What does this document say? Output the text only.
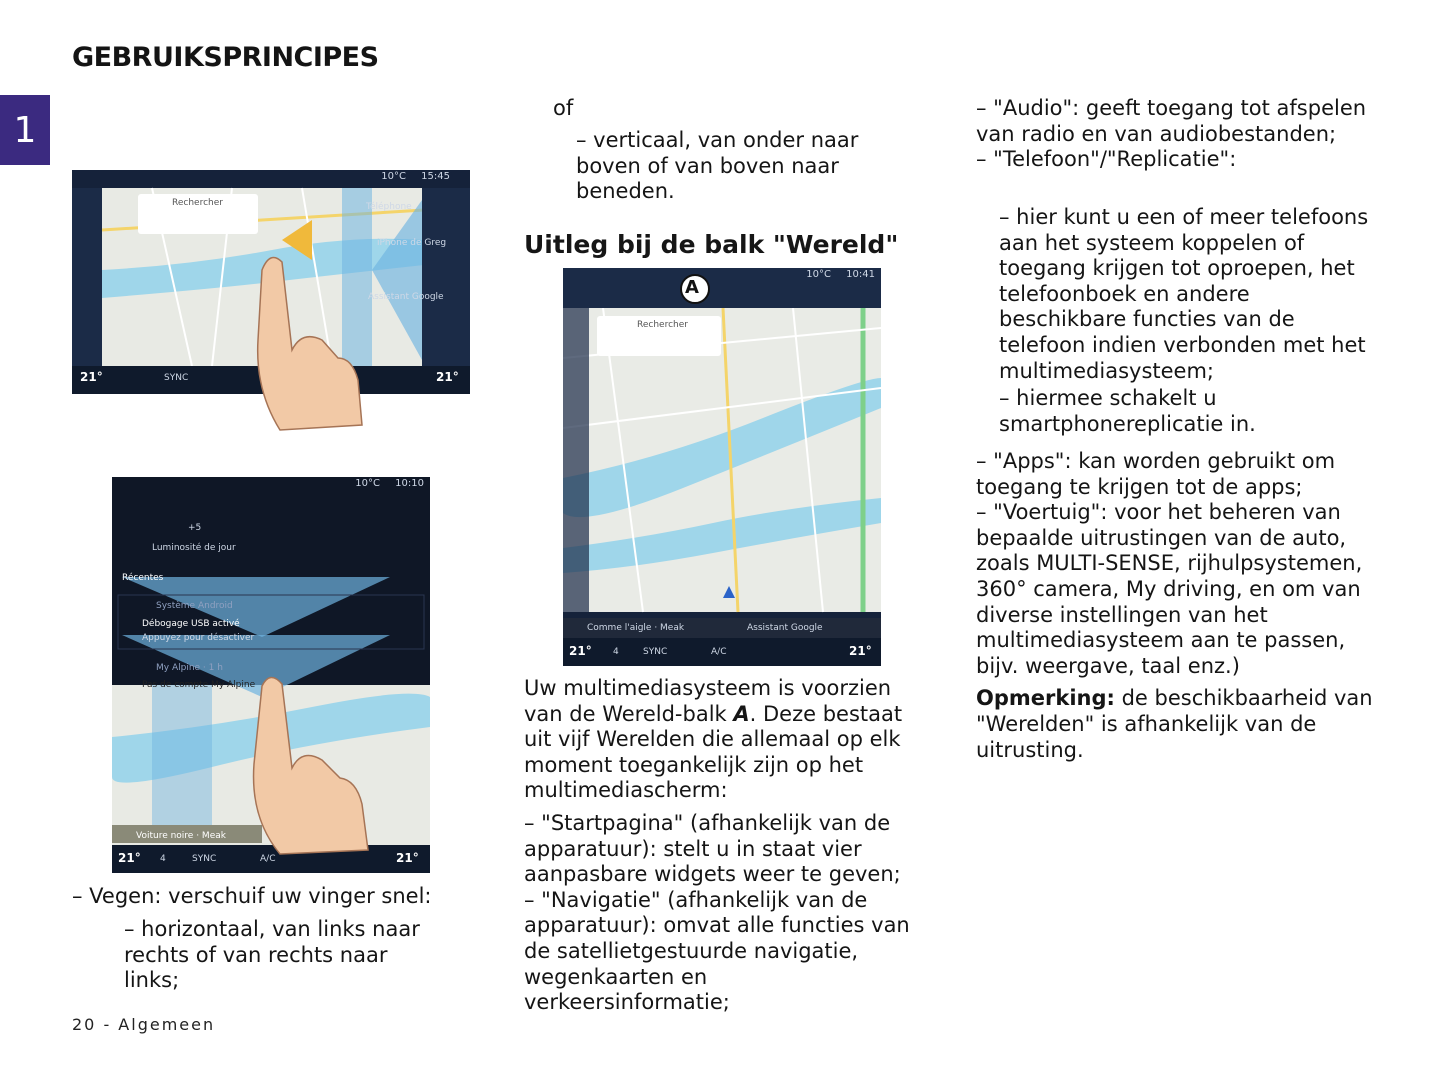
GEBRUIKSPRINCIPES
1
10°C 15:45
Rechercher	Téléphone
iPhone de Greg
Assistant Google
21°	SYNC	21°
10°C 10:10
+5
Luminosité de jour
Récentes
Système Android
Débogage USB activé
Appuyez pour désactiver
My Alpine · 1 h
Pas de compte My Alpine
Voiture noire · Meak
21° 4	SYNC	A/C	21°

– Vegen: verschuif uw vinger snel:

– horizontaal, van links naar rechts of van rechts naar links;

of

– verticaal, van onder naar boven of van boven naar beneden.

Uitleg bij de balk "Wereld"
10°C 10:41
A
Rechercher
Comme l'aigle · Meak	Assistant Google
21° 4	SYNC	A/C	21°

Uw multimediasysteem is voorzien van de Wereld-balk A. Deze bestaat uit vijf Werelden die allemaal op elk moment toegankelijk zijn op het multimediascherm:

– "Startpagina" (afhankelijk van de apparatuur): stelt u in staat vier aanpasbare widgets weer te geven;

– "Navigatie" (afhankelijk van de apparatuur): omvat alle functies van de satellietgestuurde navigatie, wegenkaarten en verkeersinformatie;

– "Audio": geeft toegang tot afspelen van radio en van audiobestanden;

– "Telefoon"/"Replicatie":

– hier kunt u een of meer telefoons aan het systeem koppelen of toegang krijgen tot oproepen, het telefoonboek en andere beschikbare functies van de telefoon indien verbonden met het multimediasysteem;

– hiermee schakelt u smartphonereplicatie in.

– "Apps": kan worden gebruikt om toegang te krijgen tot de apps;

– "Voertuig": voor het beheren van bepaalde uitrustingen van de auto, zoals MULTI-SENSE, rijhulpsystemen, 360° camera, My driving, en om van diverse instellingen van het multimediasysteem aan te passen, bijv. weergave, taal enz.)

Opmerking: de beschikbaarheid van "Werelden" is afhankelijk van de uitrusting.

20 - Algemeen
